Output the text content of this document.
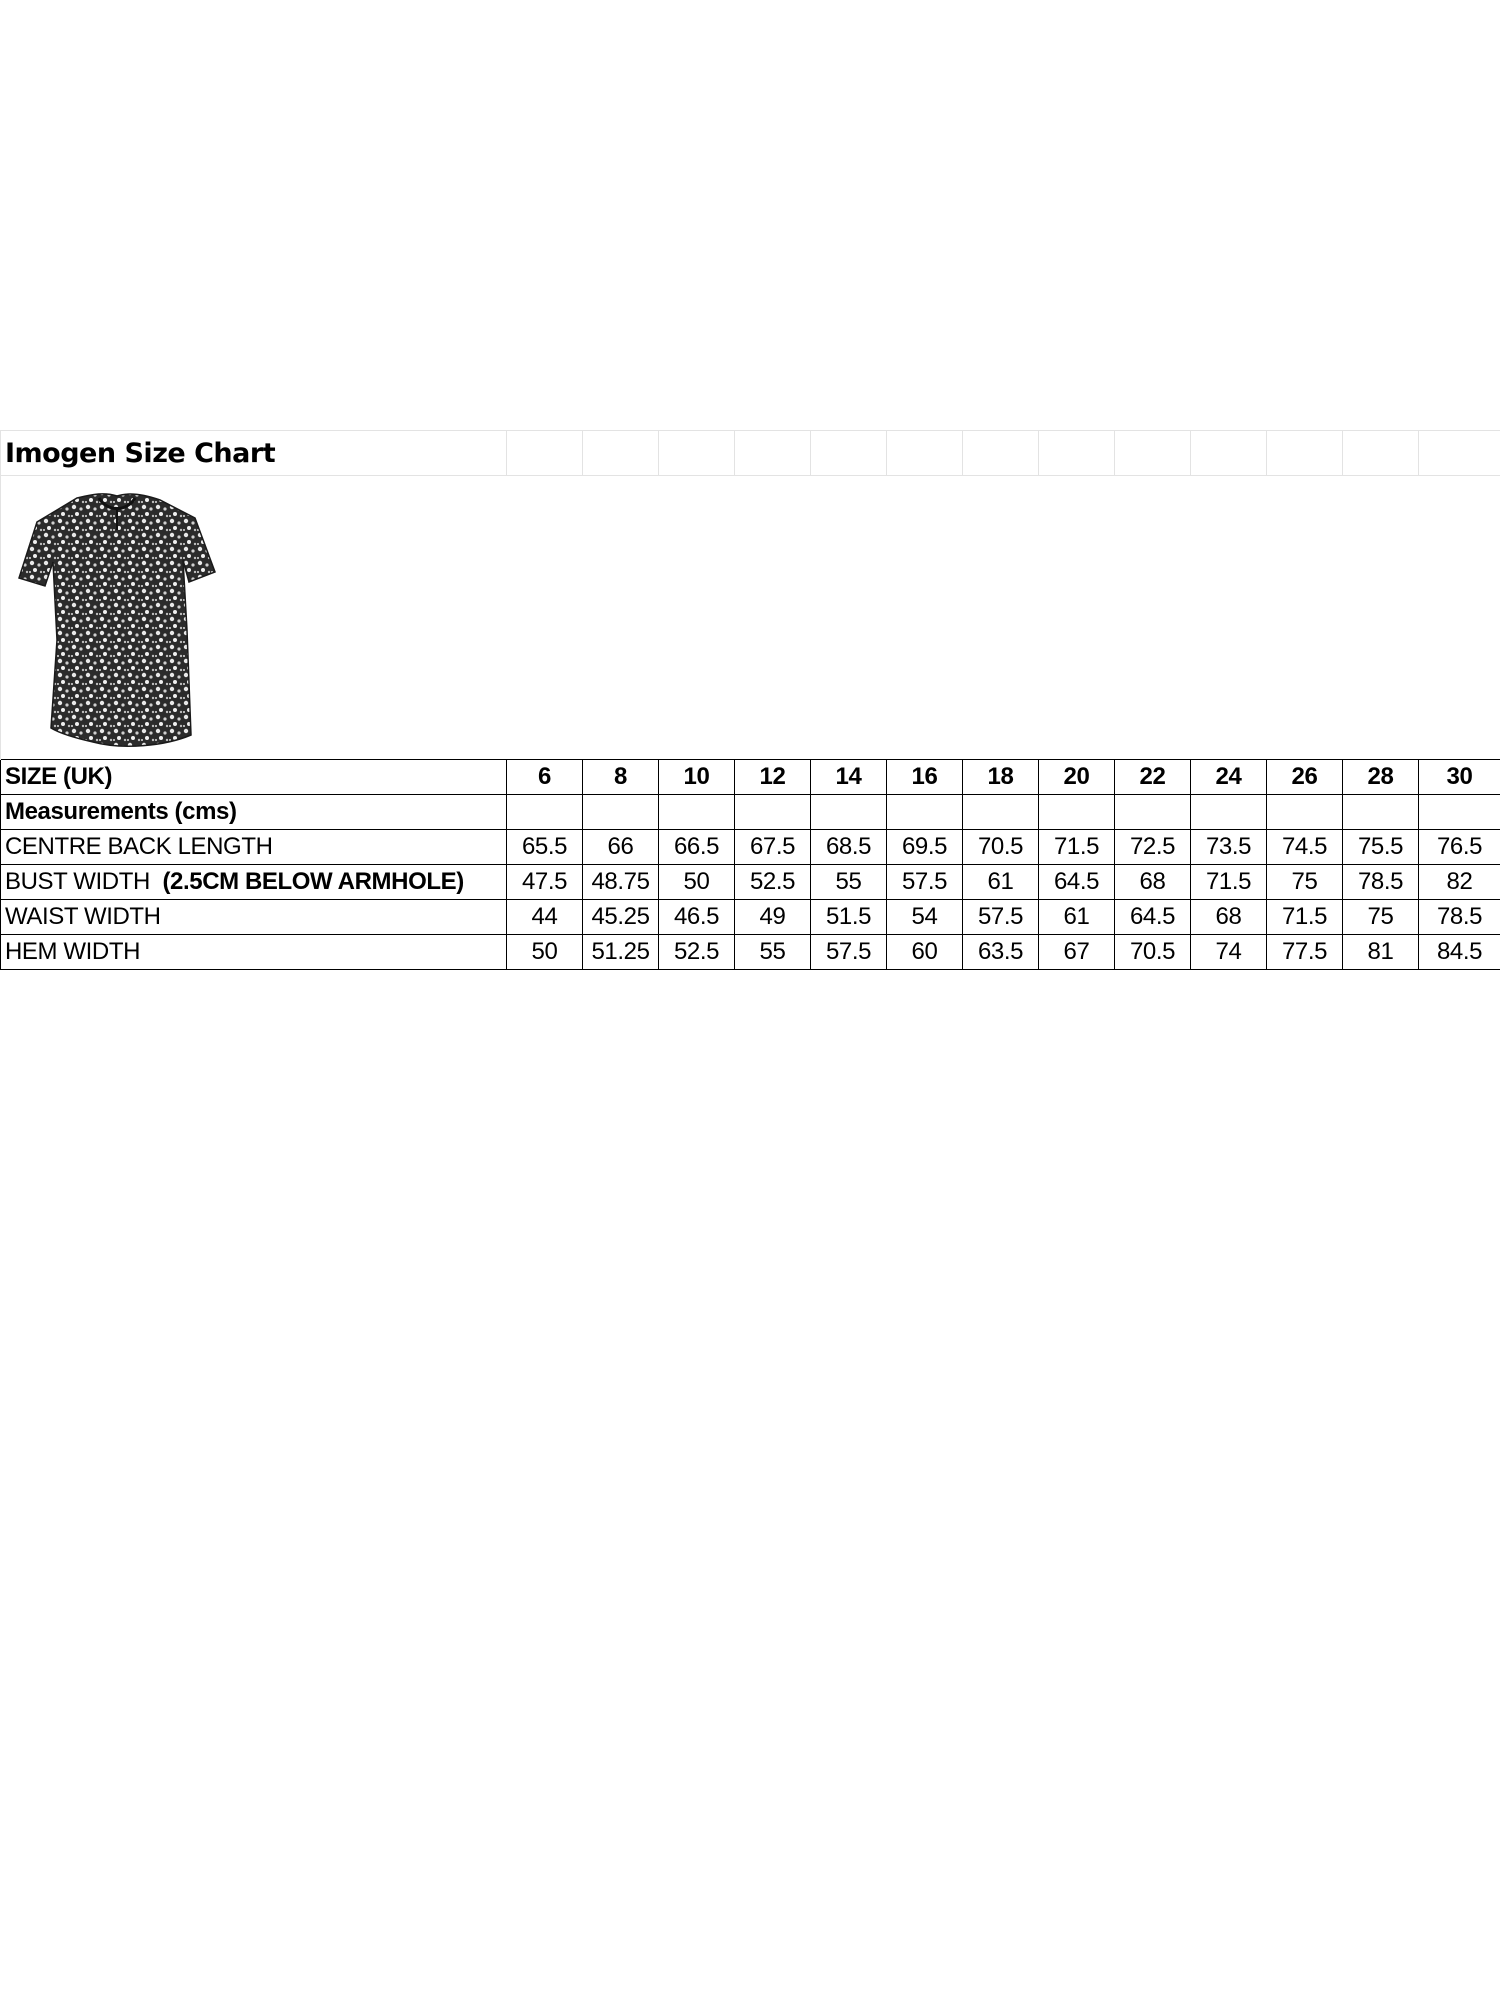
Imogen Size Chart													

SIZE (UK)	6	8	10	12	14	16	18	20	22	24	26	28	30
Measurements (cms)													
CENTRE BACK LENGTH	65.5	66	66.5	67.5	68.5	69.5	70.5	71.5	72.5	73.5	74.5	75.5	76.5
BUST WIDTH (2.5CM BELOW ARMHOLE)	47.5	48.75	50	52.5	55	57.5	61	64.5	68	71.5	75	78.5	82
WAIST WIDTH	44	45.25	46.5	49	51.5	54	57.5	61	64.5	68	71.5	75	78.5
HEM WIDTH	50	51.25	52.5	55	57.5	60	63.5	67	70.5	74	77.5	81	84.5
